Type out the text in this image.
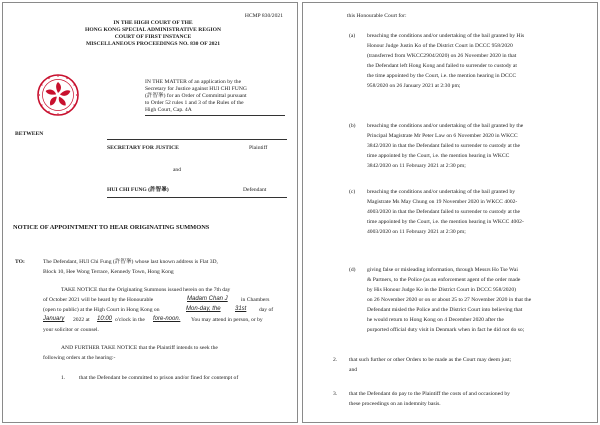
HCMP 830/2021
IN THE HIGH COURT OF THE
HONG KONG SPECIAL ADMINISTRATIVE REGION
COURT OF FIRST INSTANCE
MISCELLANEOUS PROCEEDINGS NO. 830 OF 2021
IN THE MATTER of an application by the
Secretary for Justice against HUI CHI FUNG
(許智峯) for an Order of Committal pursuant
to Order 52 rules 1 and 3 of the Rules of the
High Court, Cap. 4A
BETWEEN
SECRETARY FOR JUSTICE	Plaintiff
and
HUI CHI FUNG (許智峯)	Defendant
NOTICE OF APPOINTMENT TO HEAR ORIGINATING SUMMONS
TO:	The Defendant, HUI Chi Fung (許智峯) whose last known address is Flat 3D,
Block 10, Hee Wong Terrace, Kennedy Town, Hong Kong
TAKE NOTICE that the Originating Summons issued herein on the 7th day
of October 2021 will be heard by the Honourable	Madam Chan J in Chambers
(open to public) at the High Court in Hong Kong on	Mon-day, the 31st day of
January 2022 at 10:00 o'clock in the fore-noon. You may attend in person, or by
your solicitor or counsel.
AND FURTHER TAKE NOTICE that the Plaintiff intends to seek the
following orders at the hearing:-
1. that the Defendant be committed to prison and/or fined for contempt of
this Honourable Court for:
(a) breaching the conditions and/or undertaking of the bail granted by His
Honour Judge Justin Ko of the District Court in DCCC 958/2020
(transferred from WKCC2904/2020) on 26 November 2020 in that
the Defendant left Hong Kong and failed to surrender to custody at
the time appointed by the Court, i.e. the mention hearing in DCCC
958/2020 on 26 January 2021 at 2:30 pm;
(b) breaching the conditions and/or undertaking of the bail granted by the
Principal Magistrate Mr Peter Law on 6 November 2020 in WKCC
3842/2020 in that the Defendant failed to surrender to custody at the
time appointed by the Court, i.e. the mention hearing in WKCC
3842/2020 on 11 February 2021 at 2:30 pm;
(c) breaching the conditions and/or undertaking of the bail granted by
Magistrate Ms May Chung on 19 November 2020 in WKCC 4002-
4003/2020 in that the Defendant failed to surrender to custody at the
time appointed by the Court, i.e. the mention hearing in WKCC 4002-
4003/2020 on 11 February 2021 at 2:30 pm;
(d) giving false or misleading information, through Messrs Ho Tse Wai
& Partners, to the Police (as an enforcement agent of the order made
by His Honour Judge Ko in the District Court in DCCC 958/2020)
on 26 November 2020 or on or about 25 to 27 November 2020 in that the
Defendant misled the Police and the District Court into believing that
he would return to Hong Kong on 4 December 2020 after the
purported official duty visit in Denmark when in fact he did not do so;
2. that such further or other Orders to be made as the Court may deem just;
and
3. that the Defendant do pay to the Plaintiff the costs of and occasioned by
these proceedings on an indemnity basis.
